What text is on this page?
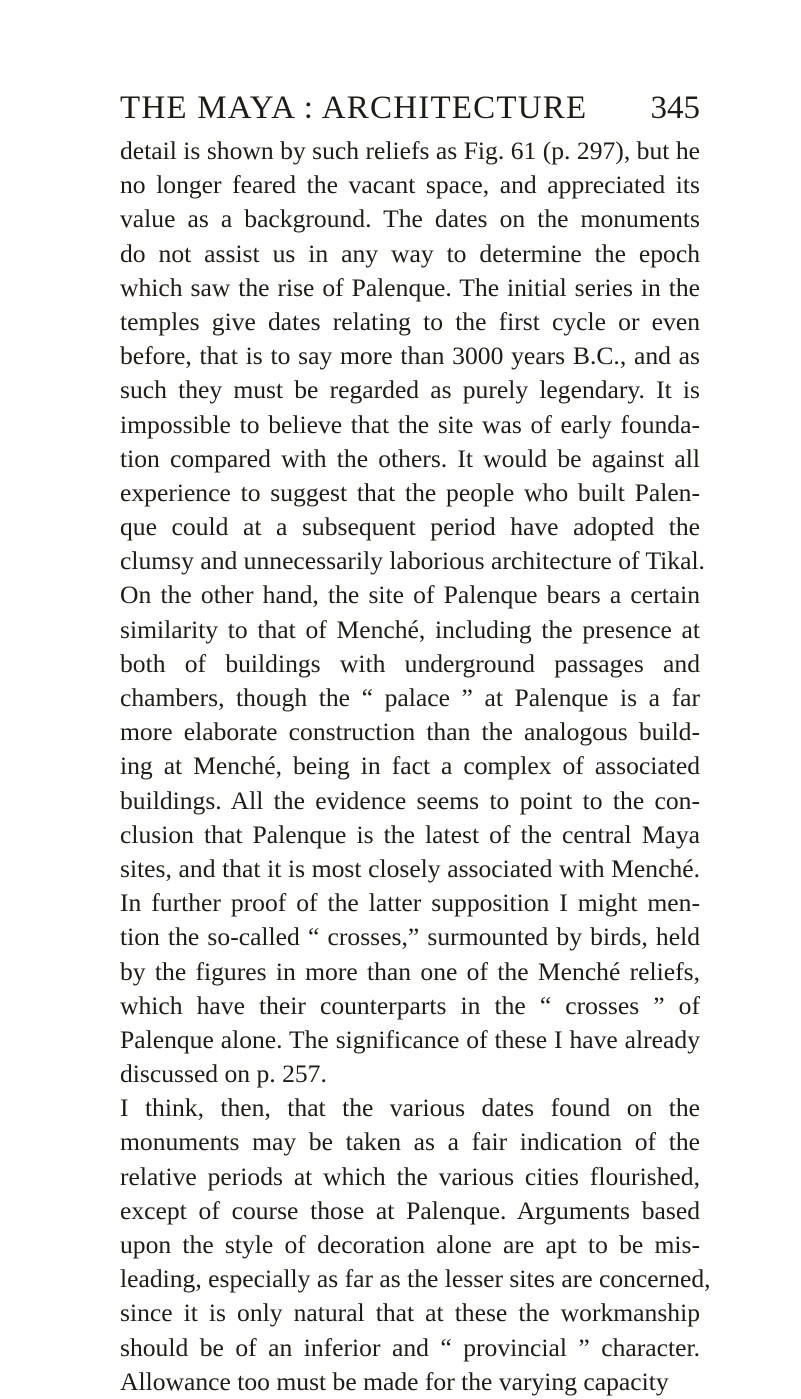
THE MAYA : ARCHITECTURE 345
detail is shown by such reliefs as Fig. 61 (p. 297), but he
no longer feared the vacant space, and appreciated its
value as a background. The dates on the monuments
do not assist us in any way to determine the epoch
which saw the rise of Palenque. The initial series in the
temples give dates relating to the first cycle or even
before, that is to say more than 3000 years B.C., and as
such they must be regarded as purely legendary. It is
impossible to believe that the site was of early founda-
tion compared with the others. It would be against all
experience to suggest that the people who built Palen-
que could at a subsequent period have adopted the
clumsy and unnecessarily laborious architecture of Tikal.
On the other hand, the site of Palenque bears a certain
similarity to that of Menché, including the presence at
both of buildings with underground passages and
chambers, though the “ palace ” at Palenque is a far
more elaborate construction than the analogous build-
ing at Menché, being in fact a complex of associated
buildings. All the evidence seems to point to the con-
clusion that Palenque is the latest of the central Maya
sites, and that it is most closely associated with Menché.
In further proof of the latter supposition I might men-
tion the so-called “ crosses,” surmounted by birds, held
by the figures in more than one of the Menché reliefs,
which have their counterparts in the “ crosses ” of
Palenque alone. The significance of these I have already
discussed on p. 257.
I think, then, that the various dates found on the
monuments may be taken as a fair indication of the
relative periods at which the various cities flourished,
except of course those at Palenque. Arguments based
upon the style of decoration alone are apt to be mis-
leading, especially as far as the lesser sites are concerned,
since it is only natural that at these the workmanship
should be of an inferior and “ provincial ” character.
Allowance too must be made for the varying capacity
